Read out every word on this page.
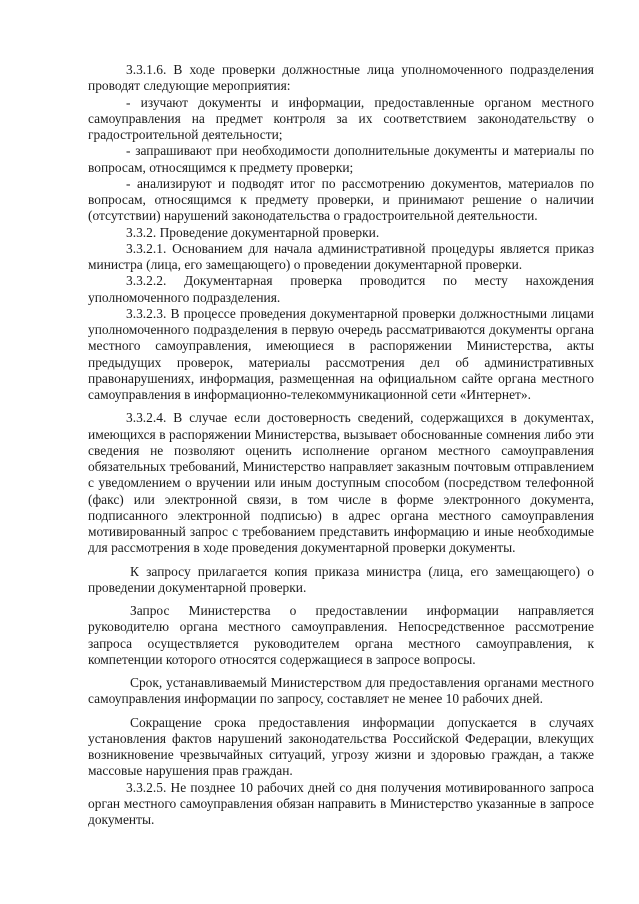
3.3.1.6. В ходе проверки должностные лица уполномоченного подразделения проводят следующие мероприятия:

- изучают документы и информации, предоставленные органом местного самоуправления на предмет контроля за их соответствием законодательству о градостроительной деятельности;

- запрашивают при необходимости дополнительные документы и материалы по вопросам, относящимся к предмету проверки;

- анализируют и подводят итог по рассмотрению документов, материалов по вопросам, относящимся к предмету проверки, и принимают решение о наличии (отсутствии) нарушений законодательства о градостроительной деятельности.

3.3.2. Проведение документарной проверки.

3.3.2.1. Основанием для начала административной процедуры является приказ министра (лица, его замещающего) о проведении документарной проверки.

3.3.2.2. Документарная проверка проводится по месту нахождения уполномоченного подразделения.

3.3.2.3. В процессе проведения документарной проверки должностными лицами уполномоченного подразделения в первую очередь рассматриваются документы органа местного самоуправления, имеющиеся в распоряжении Министерства, акты предыдущих проверок, материалы рассмотрения дел об административных правонарушениях, информация, размещенная на официальном сайте органа местного самоуправления в информационно-телекоммуникационной сети «Интернет».

3.3.2.4. В случае если достоверность сведений, содержащихся в документах, имеющихся в распоряжении Министерства, вызывает обоснованные сомнения либо эти сведения не позволяют оценить исполнение органом местного самоуправления обязательных требований, Министерство направляет заказным почтовым отправлением с уведомлением о вручении или иным доступным способом (посредством телефонной (факс) или электронной связи, в том числе в форме электронного документа, подписанного электронной подписью) в адрес органа местного самоуправления мотивированный запрос с требованием представить информацию и иные необходимые для рассмотрения в ходе проведения документарной проверки документы.

К запросу прилагается копия приказа министра (лица, его замещающего) о проведении документарной проверки.

Запрос Министерства о предоставлении информации направляется руководителю органа местного самоуправления. Непосредственное рассмотрение запроса осуществляется руководителем органа местного самоуправления, к компетенции которого относятся содержащиеся в запросе вопросы.

Срок, устанавливаемый Министерством для предоставления органами местного самоуправления информации по запросу, составляет не менее 10 рабочих дней.

Сокращение срока предоставления информации допускается в случаях установления фактов нарушений законодательства Российской Федерации, влекущих возникновение чрезвычайных ситуаций, угрозу жизни и здоровью граждан, а также массовые нарушения прав граждан.

3.3.2.5. Не позднее 10 рабочих дней со дня получения мотивированного запроса орган местного самоуправления обязан направить в Министерство указанные в запросе документы.
